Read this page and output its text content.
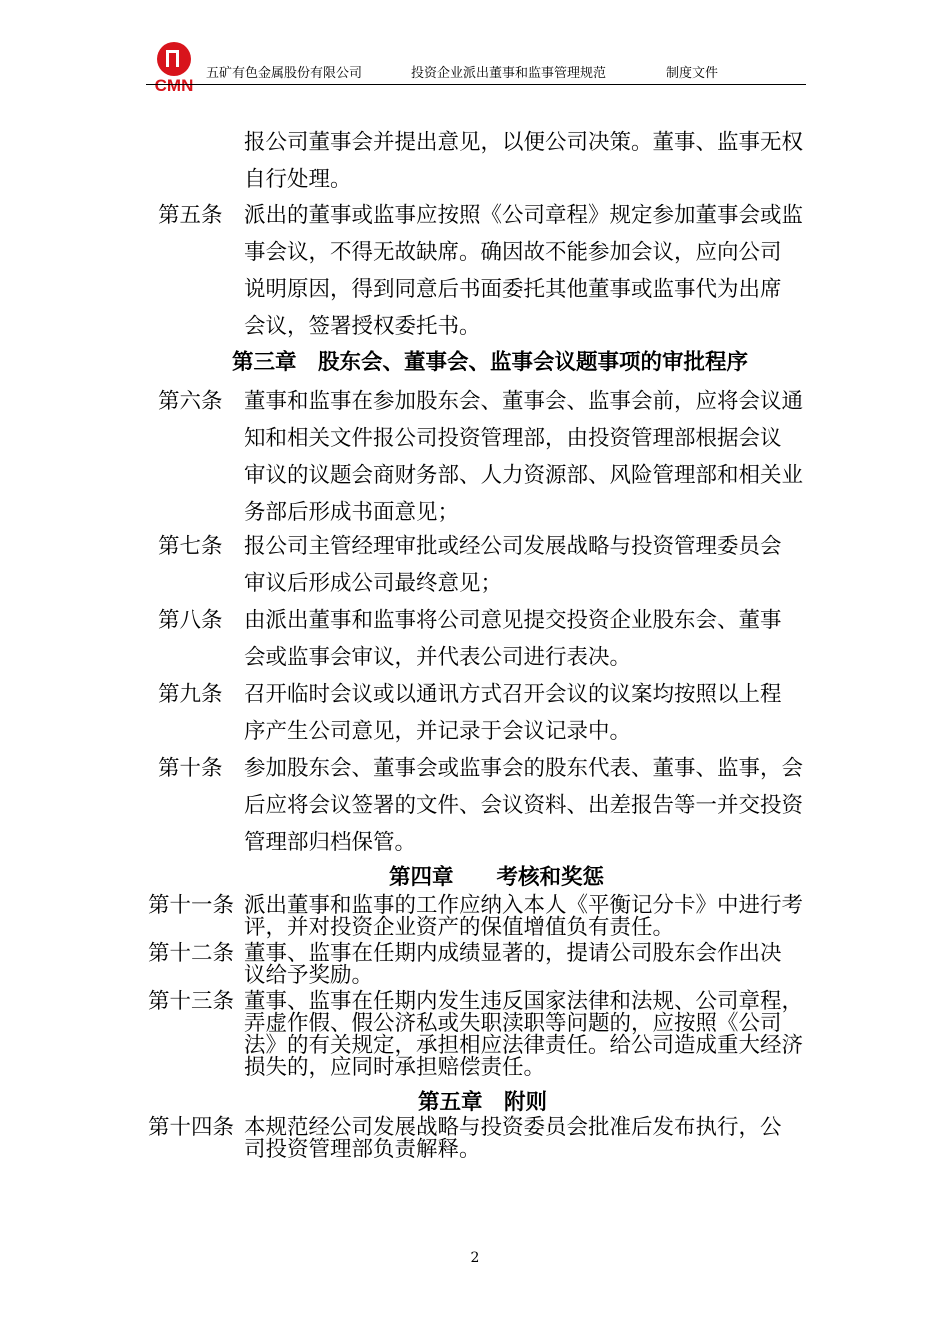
CMN
五矿有色金属股份有限公司	投资企业派出董事和监事管理规范	制度文件
报公司董事会并提出意见，以便公司决策。董事、监事无权
自行处理。
第五条 派出的董事或监事应按照《公司章程》规定参加董事会或监
事会议，不得无故缺席。确因故不能参加会议，应向公司
说明原因，得到同意后书面委托其他董事或监事代为出席
会议，签署授权委托书。
第三章　股东会、董事会、监事会议题事项的审批程序
第六条 董事和监事在参加股东会、董事会、监事会前，应将会议通
知和相关文件报公司投资管理部，由投资管理部根据会议
审议的议题会商财务部、人力资源部、风险管理部和相关业
务部后形成书面意见；
第七条 报公司主管经理审批或经公司发展战略与投资管理委员会
审议后形成公司最终意见；
第八条 由派出董事和监事将公司意见提交投资企业股东会、董事
会或监事会审议，并代表公司进行表决。
第九条 召开临时会议或以通讯方式召开会议的议案均按照以上程
序产生公司意见，并记录于会议记录中。
第十条 参加股东会、董事会或监事会的股东代表、董事、监事，会
后应将会议签署的文件、会议资料、出差报告等一并交投资
管理部归档保管。
第四章　　考核和奖惩
第十一条 派出董事和监事的工作应纳入本人《平衡记分卡》中进行考
评，并对投资企业资产的保值增值负有责任。
第十二条 董事、监事在任期内成绩显著的，提请公司股东会作出决
议给予奖励。
第十三条 董事、监事在任期内发生违反国家法律和法规、公司章程，
弄虚作假、假公济私或失职渎职等问题的，应按照《公司
法》的有关规定，承担相应法律责任。给公司造成重大经济
损失的，应同时承担赔偿责任。
第五章　附则
第十四条 本规范经公司发展战略与投资委员会批准后发布执行，公
司投资管理部负责解释。
2
